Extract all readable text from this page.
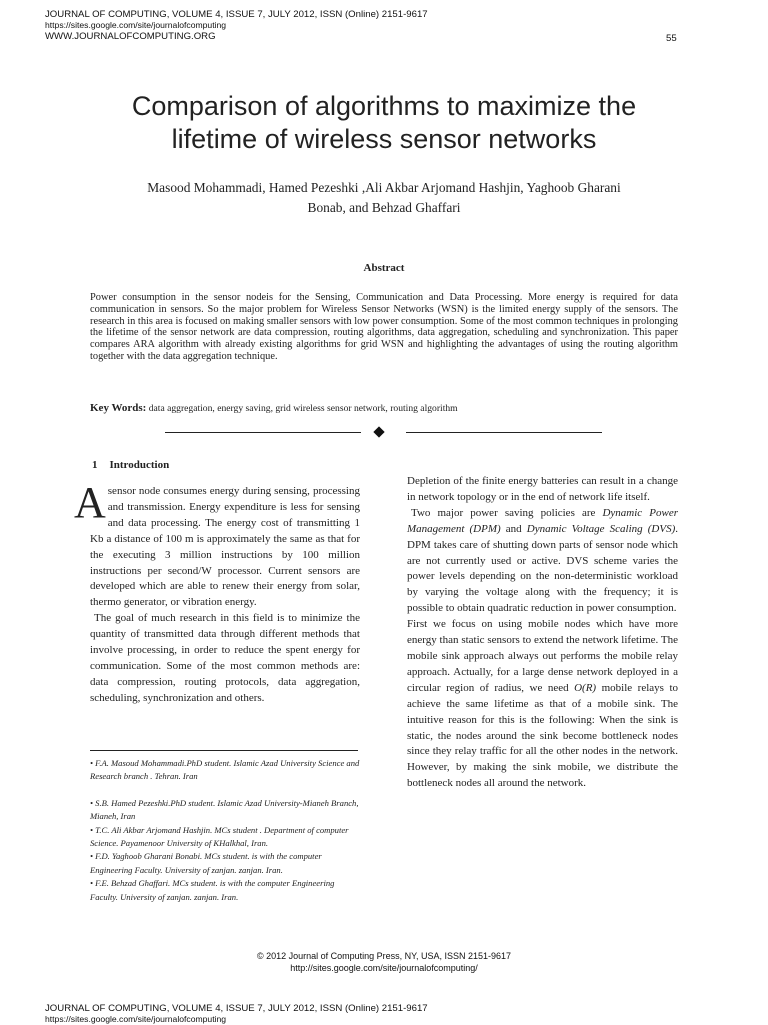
JOURNAL OF COMPUTING, VOLUME 4, ISSUE 7, JULY 2012, ISSN (Online) 2151-9617
https://sites.google.com/site/journalofcomputing
WWW.JOURNALOFCOMPUTING.ORG	55
Comparison of algorithms to maximize the
lifetime of wireless sensor networks
Masood Mohammadi, Hamed Pezeshki ,Ali Akbar Arjomand Hashjin, Yaghoob Gharani
Bonab, and Behzad Ghaffari
Abstract
Power consumption in the sensor nodeis for the Sensing, Communication and Data Processing. More energy is required for data communication in sensors. So the major problem for Wireless Sensor Networks (WSN) is the limited energy supply of the sensors. The research in this area is focused on making smaller sensors with low power consumption. Some of the most common techniques in prolonging the lifetime of the sensor network are data compression, routing algorithms, data aggregation, scheduling and synchronization. This paper compares ARA algorithm with already existing algorithms for grid WSN and highlighting the advantages of using the routing algorithm together with the data aggregation technique.
Key Words: data aggregation, energy saving, grid wireless sensor network, routing algorithm
1 Introduction

Asensor node consumes energy during sensing, processing and transmission. Energy expenditure is less for sensing and data processing. The energy cost of transmitting 1 Kb a distance of 100 m is approximately the same as that for the executing 3 million instructions by 100 million instructions per second/W processor. Current sensors are developed which are able to renew their energy from solar, thermo generator, or vibration energy.

The goal of much research in this field is to minimize the quantity of transmitted data through different methods that involve processing, in order to reduce the spent energy for communication. Some of the most common methods are: data compression, routing protocols, data aggregation, scheduling, synchronization and others.

• F.A. Masoud Mohammadi.PhD student. Islamic Azad University Science and Research branch . Tehran. Iran
• S.B. Hamed Pezeshki.PhD student. Islamic Azad University-Mianeh Branch, Mianeh, Iran
• T.C. Ali Akbar Arjomand Hashjin. MCs student . Department of computer Science. Payamenoor University of KHalkhal, Iran.
• F.D. Yaghoob Gharani Bonabi. MCs student. is with the computer Engineering Faculty. University of zanjan. zanjan. Iran.
• F.E. Behzad Ghaffari. MCs student. is with the computer Engineering Faculty. University of zanjan. zanjan. Iran.

Depletion of the finite energy batteries can result in a change in network topology or in the end of network life itself.

Two major power saving policies are Dynamic Power Management (DPM) and Dynamic Voltage Scaling (DVS). DPM takes care of shutting down parts of sensor node which are not currently used or active. DVS scheme varies the power levels depending on the non-deterministic workload by varying the voltage along with the frequency; it is possible to obtain quadratic reduction in power consumption.

First we focus on using mobile nodes which have more energy than static sensors to extend the network lifetime. The mobile sink approach always out performs the mobile relay approach. Actually, for a large dense network deployed in a circular region of radius, we need O(R) mobile relays to achieve the same lifetime as that of a mobile sink. The intuitive reason for this is the following: When the sink is static, the nodes around the sink become bottleneck nodes since they relay traffic for all the other nodes in the network. However, by making the sink mobile, we distribute the bottleneck nodes all around the network.

© 2012 Journal of Computing Press, NY, USA, ISSN 2151-9617
http://sites.google.com/site/journalofcomputing/
JOURNAL OF COMPUTING, VOLUME 4, ISSUE 7, JULY 2012, ISSN (Online) 2151-9617
https://sites.google.com/site/journalofcomputing
